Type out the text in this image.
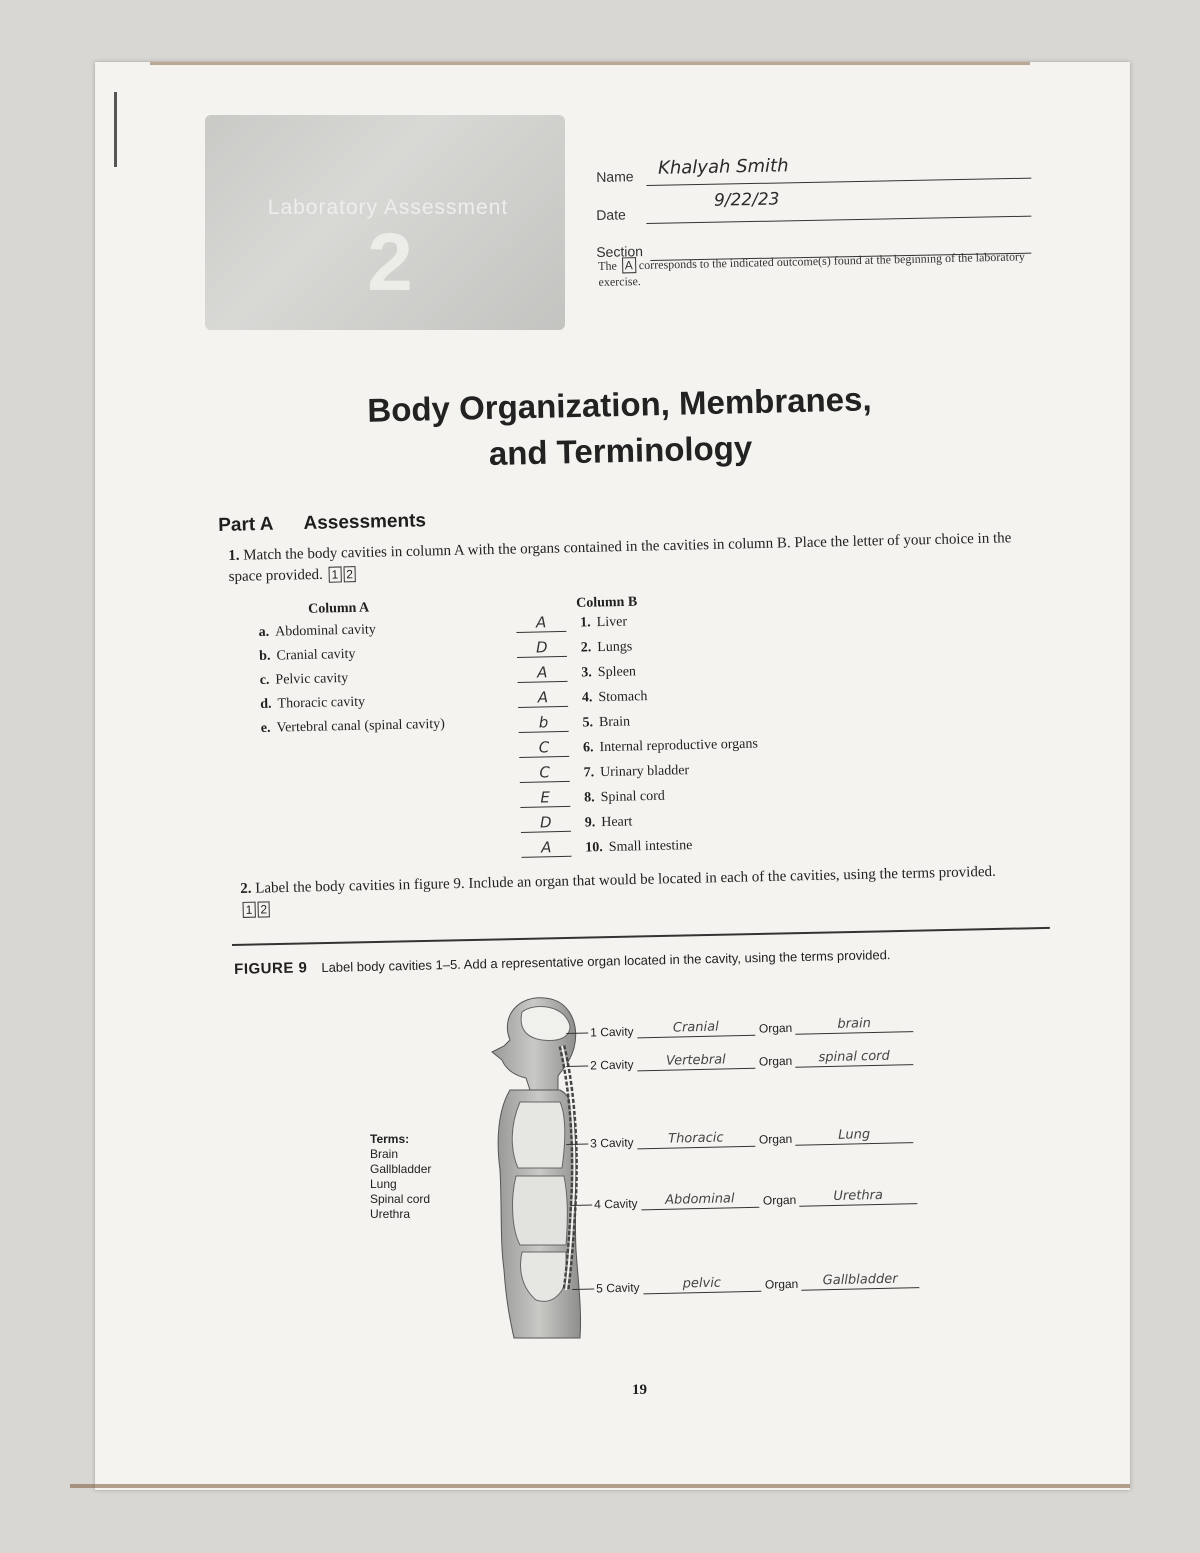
Laboratory Assessment
2
Name Khalyah Smith
Date
9/22/23
Section
The A corresponds to the indicated outcome(s) found at the beginning of the laboratory exercise.
Body Organization, Membranes,
and Terminology
Part A Assessments
1. Match the body cavities in column A with the organs contained in the cavities in column B. Place the letter of your choice in the space provided. 1 2
Column A
a. Abdominal cavity
b. Cranial cavity
c. Pelvic cavity
d. Thoracic cavity
e. Vertebral canal (spinal cavity)
Column B
A 1. Liver
D 2. Lungs
A 3. Spleen
A 4. Stomach
b 5. Brain
C 6. Internal reproductive organs
C 7. Urinary bladder
E 8. Spinal cord
D 9. Heart
A 10. Small intestine
2. Label the body cavities in figure 9. Include an organ that would be located in each of the cavities, using the terms provided. 1 2
FIGURE 9 Label body cavities 1–5. Add a representative organ located in the cavity, using the terms provided.
Terms:
Brain
Gallbladder
Lung
Spinal cord
Urethra
1 Cavity	Cranial	Organ	brain
2 Cavity Vertebral	Organ spinal cord
3 Cavity	Thoracic	Organ	Lung
4 Cavity Abdominal Organ	Urethra
5 Cavity	pelvic	Organ Gallbladder
19
